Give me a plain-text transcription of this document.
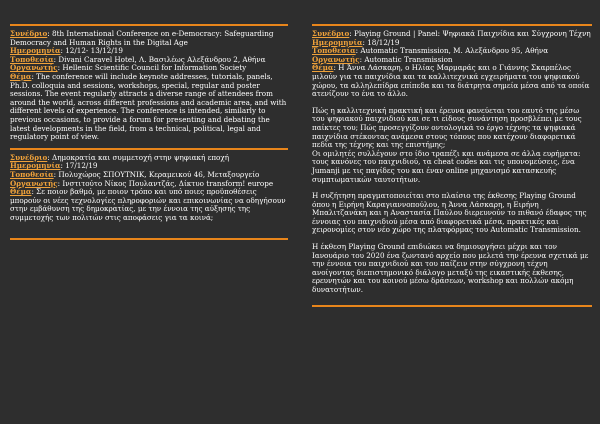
Συνέδριο: 8th International Conference on e-Democracy: Safeguarding Democracy and Human Rights in the Digital Age

Ημερομηνία: 12/12- 13/12/19

Τοποθεσία: Divani Caravel Hotel, Λ. Βασιλέως Αλεξάνδρου 2, Αθήνα

Οργανωτής: Hellenic Scientific Council for Information Society

Θέμα: The conference will include keynote addresses, tutorials, panels, Ph.D. colloquia and sessions, workshops, special, regular and poster sessions. The event regularly attracts a diverse range of attendees from around the world, across different professions and academic area, and with different levels of experience. The conference is intended, similarly to previous occasions, to provide a forum for presenting and debating the latest developments in the field, from a technical, political, legal and regulatory point of view.

Συνέδριο: Δημοκρατία και συμμετοχή στην ψηφιακή εποχή

Ημερομηνία: 17/12/19

Τοποθεσία: Πολυχώρος ΣΠΟΥΤΝΙΚ, Κεραμεικού 46, Μεταξουργείο

Οργανωτής: Ινστιτούτο Νίκος Πουλαντζάς, Δίκτυο transform! europe

Θέμα: Σε ποιον βαθμό, με ποιον τρόπο και υπό ποιες προϋποθέσεις μπορούν οι νέες τεχνολογίες πληροφοριών και επικοινωνίας να οδηγήσουν στην εμβάθυνση της δημοκρατίας, με την έννοια της αύξησης της συμμετοχής των πολιτών στις αποφάσεις για τα κοινά;

Συνέδριο: Playing Ground | Panel: Ψηφιακά Παιχνίδια και Σύγχρονη Τέχνη

Ημερομηνία: 18/12/19

Τοποθεσία: Automatic Transmission, Μ. Αλεξάνδρου 95, Αθήνα

Οργανωτής: Automatic Transmission

Θέμα: Η Άννα Λάσκαρη, ο Ηλίας Μαρμαράς και ο Γιάννης Σκαρπέλος μιλούν για τα παιχνίδια και τα καλλιτεχνικά εγχειρήματα του ψηφιακού χώρου, τα αλληλεπίδρα επίπεδα και τα διάτρητα σημεία μέσα από τα οποία ατενίζουν το ένα το άλλο.

Πώς η καλλιτεχνική πρακτική και έρευνα φανεύεται του εαυτό της μέσω του ψηφιακού παιχνιδιού και σε τι είδους συνάντηση προσβλέπει με τους παίκτες του; Πώς προσεγγίζουν οντολογικά το έργο τέχνης τα ψηφιακά παιχνίδια στέκοντας ανάμεσα στους τόπους που κατέχουν διαφορετικά πεδία της τέχνης και της επιστήμης;
Οι ομιλητές συλλέγουν στο ίδιο τραπέζι και ανάμεσα σε άλλα ευρήματα: τους κανόνες του παιχνιδιού, τα cheat codes και τις υπονομεύσεις, ένα Jumanji με τις παγίδες του και έναν online μηχανισμό κατασκευής συμπτωματικών ταυτοτήτων.

Η συζήτηση πραγματοποιείται στο πλαίσιο της έκθεσης Playing Ground όπου η Ειρήνη Καραγιαννοπούλου, η Άννα Λάσκαρη, η Ειρήνη Μπαλιτζανάκη και η Αναστασία Παύλου διερευνούν το πιθανό έδαφος της έννοιας του παιχνιδιού μέσα από διαφορετικά μέσα, πρακτικές και χειρονομίες στον νέο χώρο της πλατφόρμας του Automatic Transmission.

Η έκθεση Playing Ground επιδιώκει να δημιουργήσει μέχρι και τον Ιανουάριο του 2020 ένα ζωντανό αρχείο που μελετά την έρευνα σχετικά με την έννοια του παιχνιδιού και του παίζειν στην σύγχρονη τέχνη ανοίγοντας διεπιστημονικό διάλογο μεταξύ της εικαστικής έκθεσης, ερευνητών και του κοινού μέσω δράσεων, workshop και πολλών ακόμη δυνατοτήτων.
